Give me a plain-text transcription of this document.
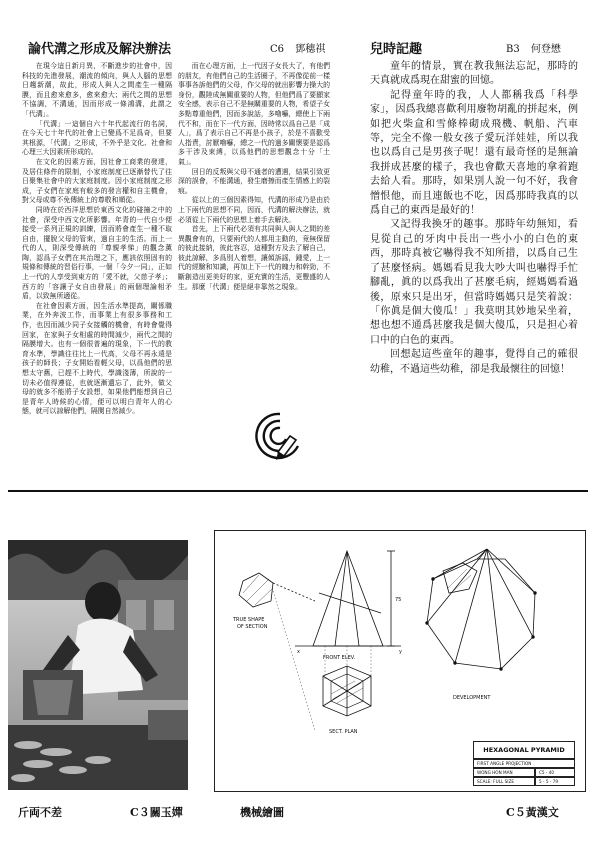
論代溝之形成及解決辦法	C6 鄧穗祺

在現今這日新月異，不斷進步的社會中，因科技的先進發展，潮流的傾向，與人人腦的思想日趨新潮，故此，形成人與人之間產生一種隔膜，而且愈來愈多，愈來愈大；兩代之間的思想不協調，不溝通，因而形成一條鴻溝，此謂之「代溝」。

「代溝」一這個自六十年代起流行的名詞，在今天七十年代的社會上已變爲不足爲奇，但要其根源，「代溝」之形成，不外乎是文化、社會和心理三大因素所形成的。

在文化的因素方面，因社會工商業的發達，及居住條件的限制，小家庭制度已逐漸替代了往日聚集社會中的大家庭制度。因小家庭制度之形成，子女們在家庭有較多的發言權和自主機會，對父母或尊不免傳統上的尊敬和順從。

同時在於西洋思想於東西文化的碰撞之中的社會，深受中西文化所影響。年青的一代自少便接受一系列正規的訓練，因而將會產生一種不取自由，擺脫父母的管束，過自主的生活。而上一代的人，則深受傳統的「尊親孝悌」的觀念薰陶，認爲子女們在其治理之下，應該依照固有的規條和傳統的習俗行事，一個「今夕一同」，正如上一代的人享受到東方的「愛不就，父慈子孝」；西方的「容讓子女自由發展」的兩個理論相矛盾，以致無所適從。

在社會因素方面，因生活水準提高，關係職業，在外奔波工作，而事業上有很多事務和工作，也因而減少同子女接觸的機會，有時會覺得回家，在家與子女相處的時間減少，兩代之間的隔膜增大。也有一個很普遍的現象，下一代的教育水準，學識往往比上一代高，父母不再永遠是孩子的師長；子女開始看輕父母，以爲他們的思想太守舊，已趕不上時代，學識淺薄，所說的一切未必值得遵從，也就逐漸遺忘了，此外，做父母的就多不能將子女設想，如果他們能想到自己是青年人時候的心情，便可以明白青年人的心態，就可以諒解他們，隔閡自然減少。

而在心理方面，上一代因子女長大了，有他們的朋友，有他們自己的生活圈子，不再像從前一樣事事各訴他們的父母，作父母的就出影響力操大的身份，觀陸成無關重要的人物，但他們爲了要顯家安全感，表示自己不是無關重要的人物，希望子女多點尊重他們，因而多說話，多嚕囌，總使上下兩代不和，而在下一代方面，因時常以爲自己是「成人」，爲了表示自己不再是小孩子，於是不喜歡受人指責，討厭嚕囌，總之一代的過多關懷要是認爲多干涉及束縛，以爲他們的思想觀念十分「土氣」。

回日的反叛與父母不通者的遭遇，結果引致更深的誤會，不能溝通，發生磨擦而產生情感上的裂痕。

從以上的三個因素得知，代溝的形成乃是由於上下兩代的思想不同，因而，代溝的解決辦法，就必須從上下兩代的思想上着手去解決。

首先，上下兩代必須有共同與人與人之間的差異觀會有的，只要兩代的人都用主動的，竟無保留的彼此接納，彼此容忍，這種對方及去了解自己，彼此諒解，多爲別人着想，讓傾訴謡，鍾愛，上一代的經驗和知識，再加上下一代的魄力和幹勁，不斷創造出更美好的家，更充實的生活，更豐盛的人生。那麼「代溝」便是絕非靠然之現象。

兒時記趣	B3 何登懋

童年的情景，實在教我無法忘記，那時的天真就成爲現在甜蜜的回憶。

記得童年時的我，人人都稱我爲「科學家」，因爲我總喜歡利用廢物胡亂的拼起來，例如把火柴盒和雪條棒砌成飛機、帆船、汽車等，完全不像一般女孩子愛玩洋娃娃，所以我也以爲自己是男孩子呢！還有最奇怪的是無論我拼成甚麼的樣子，我也會歡天喜地的拿着跑去給人看。那時，如果別人說一句不好，我會憎恨他，而且連飯也不吃，因爲那時我真的以爲自己的東西是最好的！

又記得我換牙的趣事。那時年幼無知，看見從自己的牙肉中長出一些小小的白色的東西，那時真被它嚇得我不知所措，以爲自己生了甚麼怪病。媽媽看見我大吵大叫也嚇得手忙腳亂，眞的以爲我出了甚麼毛病，經媽媽看過後，原來只是出牙，但當時媽媽只是笑着說：「你眞是個大傻瓜！」我莫明其妙地呆坐着，想也想不通爲甚麼我是個大傻瓜，只是担心着口中的白色的東西。

回想起這些童年的趣事，覺得自己的確很幼稚，不過這些幼稚，卻是我最懷往的回憶！

TRUE SHAPE
OF SECTION
FRONT ELEV.
SECT. PLAN
DEVELOPMENT
x	y
75
HEXAGONAL PYRAMID
FIRST ANGLE PROJECTION
WONG HON MAN	C5 - 40
SCALE: FULL SIZE	5 - 5 - 79
斤両不差	C３關玉嬋	機械繪圖	C５黃漢文
